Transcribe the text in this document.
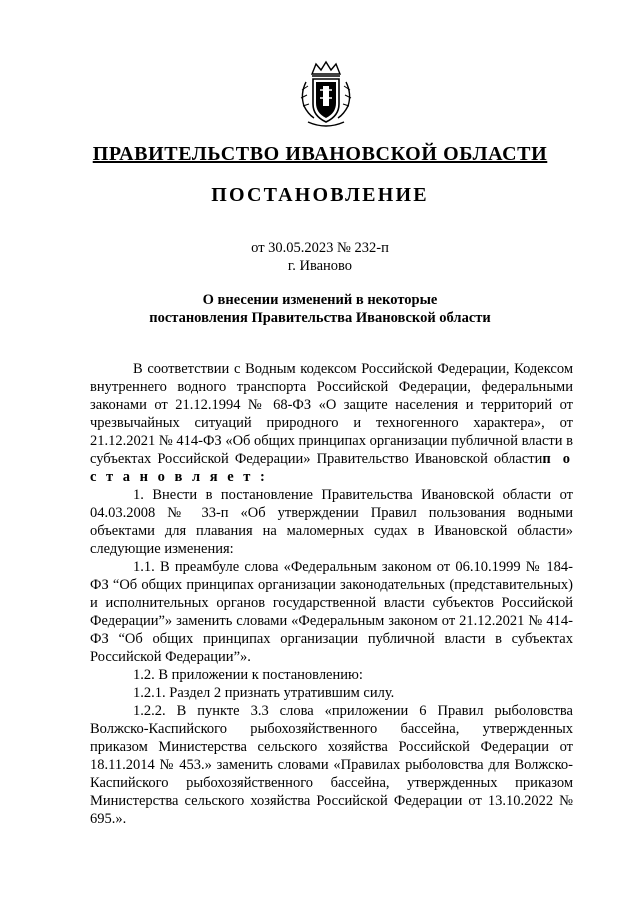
ПРАВИТЕЛЬСТВО ИВАНОВСКОЙ ОБЛАСТИ
ПОСТАНОВЛЕНИЕ
от 30.05.2023 № 232-п
г. Иваново
О внесении изменений в некоторые
постановления Правительства Ивановской области

В соответствии с Водным кодексом Российской Федерации, Кодексом внутреннего водного транспорта Российской Федерации, федеральными законами от 21.12.1994 № 68-ФЗ «О защите населения и территорий от чрезвычайных ситуаций природного и техногенного характера», от 21.12.2021 № 414-ФЗ «Об общих принципах организации публичной власти в субъектах Российской Федерации» Правительство Ивановской областип о с т а н о в л я е т :

1. Внести в постановление Правительства Ивановской области от 04.03.2008 № 33-п «Об утверждении Правил пользования водными объектами для плавания на маломерных судах в Ивановской области» следующие изменения:

1.1. В преамбуле слова «Федеральным законом от 06.10.1999 № 184-ФЗ “Об общих принципах организации законодательных (представительных) и исполнительных органов государственной власти субъектов Российской Федерации”» заменить словами «Федеральным законом от 21.12.2021 № 414-ФЗ “Об общих принципах организации публичной власти в субъектах Российской Федерации”».

1.2. В приложении к постановлению:

1.2.1. Раздел 2 признать утратившим силу.

1.2.2. В пункте 3.3 слова «приложении 6 Правил рыболовства Волжско-Каспийского рыбохозяйственного бассейна, утвержденных приказом Министерства сельского хозяйства Российской Федерации от 18.11.2014 № 453.» заменить словами «Правилах рыболовства для Волжско-Каспийского рыбохозяйственного бассейна, утвержденных приказом Министерства сельского хозяйства Российской Федерации от 13.10.2022 № 695.».
